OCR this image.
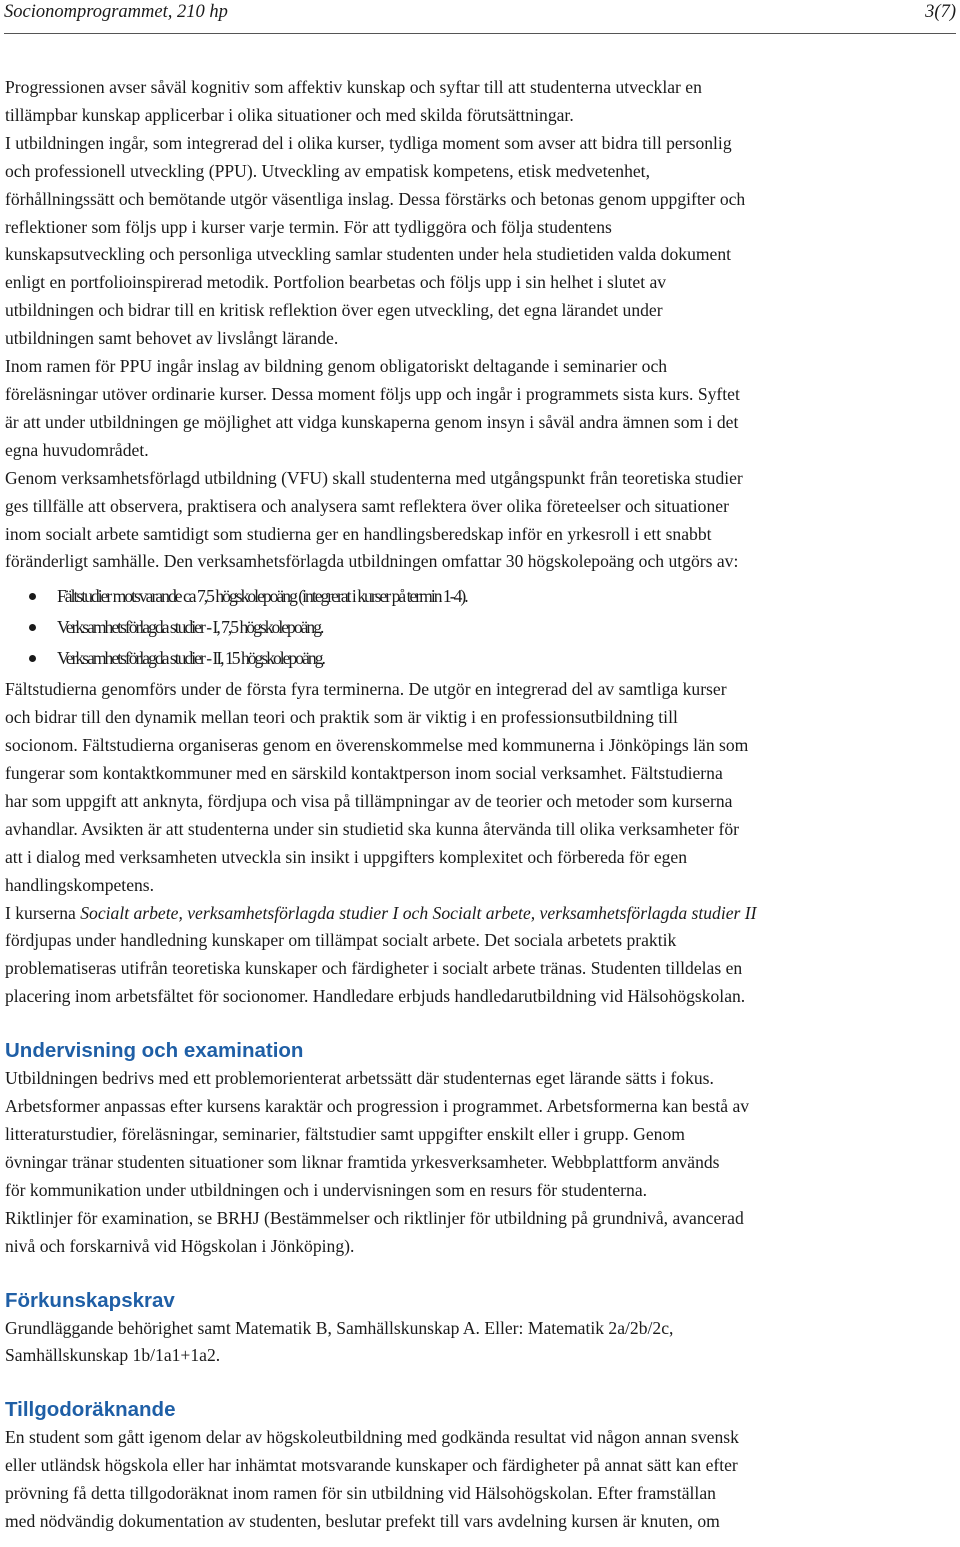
Socionomprogrammet, 210 hp	3(7)

Progressionen avser såväl kognitiv som affektiv kunskap och syftar till att studenterna utvecklar en
tillämpbar kunskap applicerbar i olika situationer och med skilda förutsättningar.

I utbildningen ingår, som integrerad del i olika kurser, tydliga moment som avser att bidra till personlig
och professionell utveckling (PPU). Utveckling av empatisk kompetens, etisk medvetenhet,
förhållningssätt och bemötande utgör väsentliga inslag. Dessa förstärks och betonas genom uppgifter och
reflektioner som följs upp i kurser varje termin. För att tydliggöra och följa studentens
kunskapsutveckling och personliga utveckling samlar studenten under hela studietiden valda dokument
enligt en portfolioinspirerad metodik. Portfolion bearbetas och följs upp i sin helhet i slutet av
utbildningen och bidrar till en kritisk reflektion över egen utveckling, det egna lärandet under
utbildningen samt behovet av livslångt lärande.

Inom ramen för PPU ingår inslag av bildning genom obligatoriskt deltagande i seminarier och
föreläsningar utöver ordinarie kurser. Dessa moment följs upp och ingår i programmets sista kurs. Syftet
är att under utbildningen ge möjlighet att vidga kunskaperna genom insyn i såväl andra ämnen som i det
egna huvudområdet.

Genom verksamhetsförlagd utbildning (VFU) skall studenterna med utgångspunkt från teoretiska studier
ges tillfälle att observera, praktisera och analysera samt reflektera över olika företeelser och situationer
inom socialt arbete samtidigt som studierna ger en handlingsberedskap inför en yrkesroll i ett snabbt
föränderligt samhälle. Den verksamhetsförlagda utbildningen omfattar 30 högskolepoäng och utgörs av:

Fältstudier motsvarande ca 7,5 högskolepoäng (integrerat i kurser på termin 1-4).
Verksamhetsförlagda studier - I, 7,5 högskolepoäng.
Verksamhetsförlagda studier - II, 15 högskolepoäng.

Fältstudierna genomförs under de första fyra terminerna. De utgör en integrerad del av samtliga kurser
och bidrar till den dynamik mellan teori och praktik som är viktig i en professionsutbildning till
socionom. Fältstudierna organiseras genom en överenskommelse med kommunerna i Jönköpings län som
fungerar som kontaktkommuner med en särskild kontaktperson inom social verksamhet. Fältstudierna
har som uppgift att anknyta, fördjupa och visa på tillämpningar av de teorier och metoder som kurserna
avhandlar. Avsikten är att studenterna under sin studietid ska kunna återvända till olika verksamheter för
att i dialog med verksamheten utveckla sin insikt i uppgifters komplexitet och förbereda för egen
handlingskompetens.

I kurserna Socialt arbete, verksamhetsförlagda studier I och Socialt arbete, verksamhetsförlagda studier II
fördjupas under handledning kunskaper om tillämpat socialt arbete. Det sociala arbetets praktik
problematiseras utifrån teoretiska kunskaper och färdigheter i socialt arbete tränas. Studenten tilldelas en
placering inom arbetsfältet för socionomer. Handledare erbjuds handledarutbildning vid Hälsohögskolan.

Undervisning och examination

Utbildningen bedrivs med ett problemorienterat arbetssätt där studenternas eget lärande sätts i fokus.
Arbetsformer anpassas efter kursens karaktär och progression i programmet. Arbetsformerna kan bestå av
litteraturstudier, föreläsningar, seminarier, fältstudier samt uppgifter enskilt eller i grupp. Genom
övningar tränar studenten situationer som liknar framtida yrkesverksamheter. Webbplattform används
för kommunikation under utbildningen och i undervisningen som en resurs för studenterna.
Riktlinjer för examination, se BRHJ (Bestämmelser och riktlinjer för utbildning på grundnivå, avancerad
nivå och forskarnivå vid Högskolan i Jönköping).

Förkunskapskrav

Grundläggande behörighet samt Matematik B, Samhällskunskap A. Eller: Matematik 2a/2b/2c,
Samhällskunskap 1b/1a1+1a2.

Tillgodoräknande

En student som gått igenom delar av högskoleutbildning med godkända resultat vid någon annan svensk
eller utländsk högskola eller har inhämtat motsvarande kunskaper och färdigheter på annat sätt kan efter
prövning få detta tillgodoräknat inom ramen för sin utbildning vid Hälsohögskolan. Efter framställan
med nödvändig dokumentation av studenten, beslutar prefekt till vars avdelning kursen är knuten, om
